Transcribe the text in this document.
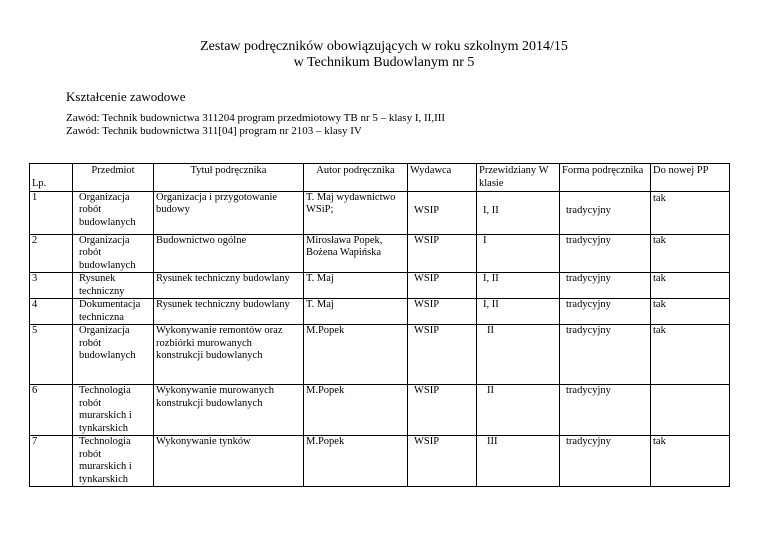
Zestaw podręczników obowiązujących w roku szkolnym 2014/15
w Technikum Budowlanym nr 5
Kształcenie zawodowe
Zawód: Technik budownictwa 311204 program przedmiotowy TB nr 5 – klasy I, II,III
Zawód: Technik budownictwa 311[04] program nr 2103 – klasy IV
Lp.	Przedmiot	Tytuł podręcznika	Autor podręcznika	Wydawca	Przewidziany W klasie	Forma podręcznika	Do nowej PP
1	Organizacja robót budowlanych	Organizacja i przygotowanie budowy	T. Maj wydawnictwo WSiP;	WSIP	I, II	tradycyjny	tak
2	Organizacja robót budowlanych	Budownictwo ogólne	Mirosława Popek, Bożena Wapińska	WSIP	I	tradycyjny	tak
3	Rysunek techniczny	Rysunek techniczny budowlany	T. Maj	WSIP	I, II	tradycyjny	tak
4	Dokumentacja techniczna	Rysunek techniczny budowlany	T. Maj	WSIP	I, II	tradycyjny	tak
5	Organizacja robót budowlanych	Wykonywanie remontów oraz rozbiórki murowanych konstrukcji budowlanych	M.Popek	WSIP	II	tradycyjny	tak
6	Technologia robót murarskich i tynkarskich	Wykonywanie murowanych konstrukcji budowlanych	M.Popek	WSIP	II	tradycyjny	
7	Technologia robót murarskich i tynkarskich	Wykonywanie tynków	M.Popek	WSIP	III	tradycyjny	tak
